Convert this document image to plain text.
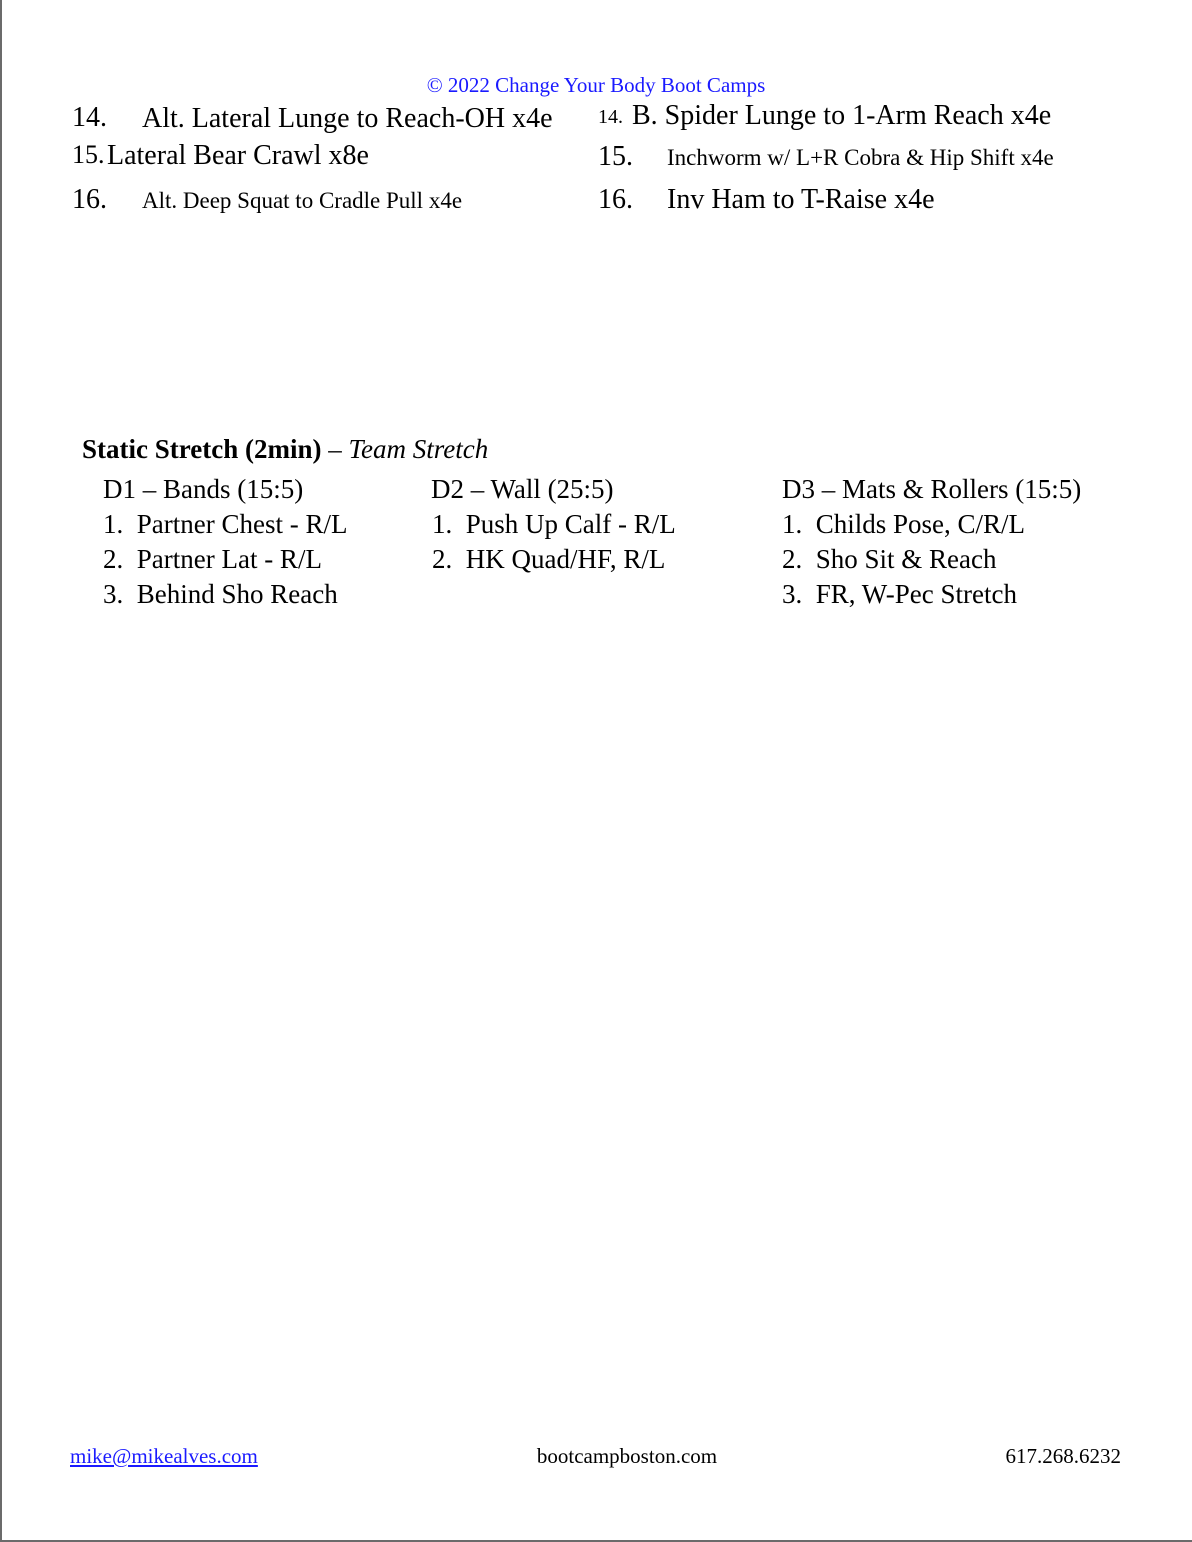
© 2022 Change Your Body Boot Camps
14. Alt. Lateral Lunge to Reach-OH x4e
15. Lateral Bear Crawl x8e
16. Alt. Deep Squat to Cradle Pull x4e
14. B. Spider Lunge to 1-Arm Reach x4e
15. Inchworm w/ L+R Cobra & Hip Shift x4e
16. Inv Ham to T-Raise x4e
Static Stretch (2min) – Team Stretch
D1 – Bands (15:5)
1.  Partner Chest - R/L
2.  Partner Lat - R/L
3.  Behind Sho Reach
D2 – Wall (25:5)
1.  Push Up Calf - R/L
2.  HK Quad/HF, R/L
D3 – Mats & Rollers (15:5)
1.  Childs Pose, C/R/L
2.  Sho Sit & Reach
3.  FR, W-Pec Stretch
mike@mikealves.com	bootcampboston.com	617.268.6232
